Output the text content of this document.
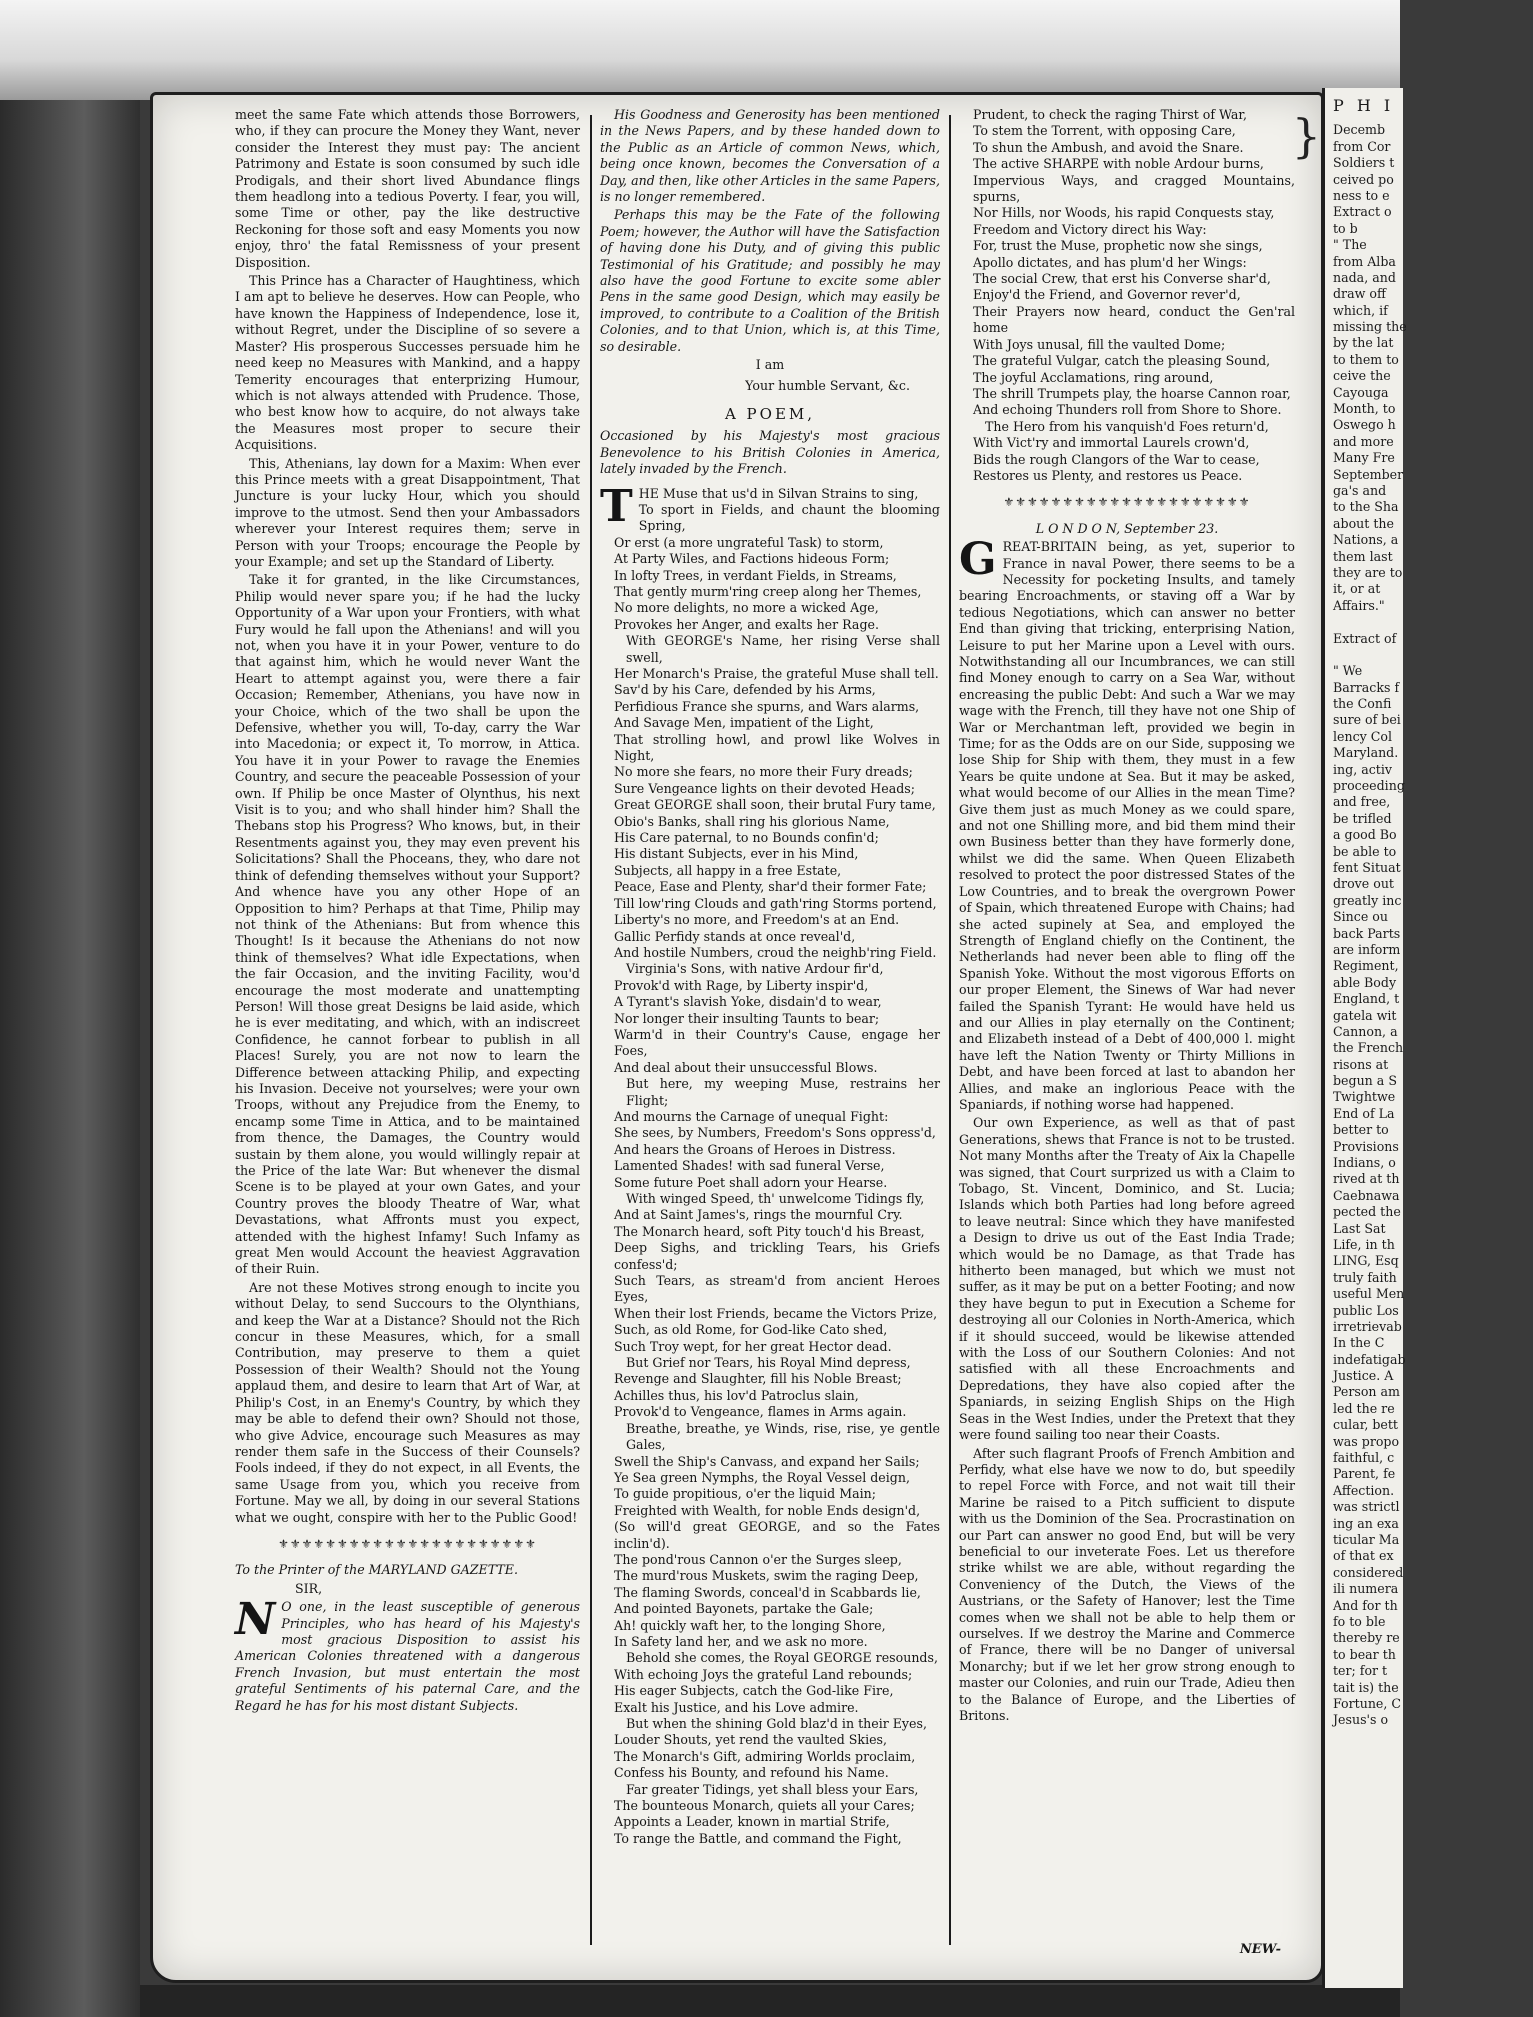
meet the same Fate which attends those Borrowers, who, if they can procure the Money they Want, never consider the Interest they must pay: The ancient Patrimony and Estate is soon consumed by such idle Prodigals, and their short lived Abundance flings them headlong into a tedious Poverty. I fear, you will, some Time or other, pay the like destructive Reckoning for those soft and easy Moments you now enjoy, thro' the fatal Remissness of your present Disposition.

This Prince has a Character of Haughtiness, which I am apt to believe he deserves. How can People, who have known the Happiness of Independence, lose it, without Regret, under the Discipline of so severe a Master? His prosperous Successes persuade him he need keep no Measures with Mankind, and a happy Temerity encourages that enterprizing Humour, which is not always attended with Prudence. Those, who best know how to acquire, do not always take the Measures most proper to secure their Acquisitions.

This, Athenians, lay down for a Maxim: When ever this Prince meets with a great Disappointment, That Juncture is your lucky Hour, which you should improve to the utmost. Send then your Ambassadors wherever your Interest requires them; serve in Person with your Troops; encourage the People by your Example; and set up the Standard of Liberty.

Take it for granted, in the like Circumstances, Philip would never spare you; if he had the lucky Opportunity of a War upon your Frontiers, with what Fury would he fall upon the Athenians! and will you not, when you have it in your Power, venture to do that against him, which he would never Want the Heart to attempt against you, were there a fair Occasion; Remember, Athenians, you have now in your Choice, which of the two shall be upon the Defensive, whether you will, To-day, carry the War into Macedonia; or expect it, To morrow, in Attica. You have it in your Power to ravage the Enemies Country, and secure the peaceable Possession of your own. If Philip be once Master of Olynthus, his next Visit is to you; and who shall hinder him? Shall the Thebans stop his Progress? Who knows, but, in their Resentments against you, they may even prevent his Solicitations? Shall the Phoceans, they, who dare not think of defending themselves without your Support? And whence have you any other Hope of an Opposition to him? Perhaps at that Time, Philip may not think of the Athenians: But from whence this Thought! Is it because the Athenians do not now think of themselves? What idle Expectations, when the fair Occasion, and the inviting Facility, wou'd encourage the most moderate and unattempting Person! Will those great Designs be laid aside, which he is ever meditating, and which, with an indiscreet Confidence, he cannot forbear to publish in all Places! Surely, you are not now to learn the Difference between attacking Philip, and expecting his Invasion. Deceive not yourselves; were your own Troops, without any Prejudice from the Enemy, to encamp some Time in Attica, and to be maintained from thence, the Damages, the Country would sustain by them alone, you would willingly repair at the Price of the late War: But whenever the dismal Scene is to be played at your own Gates, and your Country proves the bloody Theatre of War, what Devastations, what Affronts must you expect, attended with the highest Infamy! Such Infamy as great Men would Account the heaviest Aggravation of their Ruin.

Are not these Motives strong enough to incite you without Delay, to send Succours to the Olynthians, and keep the War at a Distance? Should not the Rich concur in these Measures, which, for a small Contribution, may preserve to them a quiet Possession of their Wealth? Should not the Young applaud them, and desire to learn that Art of War, at Philip's Cost, in an Enemy's Country, by which they may be able to defend their own? Should not those, who give Advice, encourage such Measures as may render them safe in the Success of their Counsels? Fools indeed, if they do not expect, in all Events, the same Usage from you, which you receive from Fortune. May we all, by doing in our several Stations what we ought, conspire with her to the Public Good!

⚜⚜⚜⚜⚜⚜⚜⚜⚜⚜⚜⚜⚜⚜⚜⚜⚜⚜⚜⚜⚜⚜

To the Printer of the MARYLAND GAZETTE.

SIR,

N O one, in the least susceptible of generous Principles, who has heard of his Majesty's most gracious Disposition to assist his American Colonies threatened with a dangerous French Invasion, but must entertain the most grateful Sentiments of his paternal Care, and the Regard he has for his most distant Subjects.

His Goodness and Generosity has been mentioned in the News Papers, and by these handed down to the Public as an Article of common News, which, being once known, becomes the Conversation of a Day, and then, like other Articles in the same Papers, is no longer remembered.

Perhaps this may be the Fate of the following Poem; however, the Author will have the Satisfaction of having done his Duty, and of giving this public Testimonial of his Gratitude; and possibly he may also have the good Fortune to excite some abler Pens in the same good Design, which may easily be improved, to contribute to a Coalition of the British Colonies, and to that Union, which is, at this Time, so desirable.

I am

Your humble Servant, &c.

A POEM,

Occasioned by his Majesty's most gracious Benevolence to his British Colonies in America, lately invaded by the French.

T HE Muse that us'd in Silvan Strains to sing,
To sport in Fields, and chaunt the blooming Spring,
Or erst (a more ungrateful Task) to storm,
At Party Wiles, and Factions hideous Form;
In lofty Trees, in verdant Fields, in Streams,
That gently murm'ring creep along her Themes,
No more delights, no more a wicked Age,
Provokes her Anger, and exalts her Rage.
With GEORGE's Name, her rising Verse shall swell,
Her Monarch's Praise, the grateful Muse shall tell.
Sav'd by his Care, defended by his Arms,
Perfidious France she spurns, and Wars alarms,
And Savage Men, impatient of the Light,
That strolling howl, and prowl like Wolves in Night,
No more she fears, no more their Fury dreads;
Sure Vengeance lights on their devoted Heads;
Great GEORGE shall soon, their brutal Fury tame,
Obio's Banks, shall ring his glorious Name,
His Care paternal, to no Bounds confin'd;
His distant Subjects, ever in his Mind,
Subjects, all happy in a free Estate,
Peace, Ease and Plenty, shar'd their former Fate;
Till low'ring Clouds and gath'ring Storms portend,
Liberty's no more, and Freedom's at an End.
Gallic Perfidy stands at once reveal'd,
And hostile Numbers, croud the neighb'ring Field.
Virginia's Sons, with native Ardour fir'd,
Provok'd with Rage, by Liberty inspir'd,
A Tyrant's slavish Yoke, disdain'd to wear,
Nor longer their insulting Taunts to bear;
Warm'd in their Country's Cause, engage her Foes,
And deal about their unsuccessful Blows.
But here, my weeping Muse, restrains her Flight;
And mourns the Carnage of unequal Fight:
She sees, by Numbers, Freedom's Sons oppress'd,
And hears the Groans of Heroes in Distress.
Lamented Shades! with sad funeral Verse,
Some future Poet shall adorn your Hearse.
With winged Speed, th' unwelcome Tidings fly,
And at Saint James's, rings the mournful Cry.
The Monarch heard, soft Pity touch'd his Breast,
Deep Sighs, and trickling Tears, his Griefs confess'd;
Such Tears, as stream'd from ancient Heroes Eyes,
When their lost Friends, became the Victors Prize,
Such, as old Rome, for God-like Cato shed,
Such Troy wept, for her great Hector dead.
But Grief nor Tears, his Royal Mind depress,
Revenge and Slaughter, fill his Noble Breast;
Achilles thus, his lov'd Patroclus slain,
Provok'd to Vengeance, flames in Arms again.
Breathe, breathe, ye Winds, rise, rise, ye gentle Gales,
Swell the Ship's Canvass, and expand her Sails;
Ye Sea green Nymphs, the Royal Vessel deign,
To guide propitious, o'er the liquid Main;
Freighted with Wealth, for noble Ends design'd,
(So will'd great GEORGE, and so the Fates inclin'd).
The pond'rous Cannon o'er the Surges sleep,
The murd'rous Muskets, swim the raging Deep,
The flaming Swords, conceal'd in Scabbards lie,
And pointed Bayonets, partake the Gale;
Ah! quickly waft her, to the longing Shore,
In Safety land her, and we ask no more.
Behold she comes, the Royal GEORGE resounds,
With echoing Joys the grateful Land rebounds;
His eager Subjects, catch the God-like Fire,
Exalt his Justice, and his Love admire.
But when the shining Gold blaz'd in their Eyes,
Louder Shouts, yet rend the vaulted Skies,
The Monarch's Gift, admiring Worlds proclaim,
Confess his Bounty, and refound his Name.
Far greater Tidings, yet shall bless your Ears,
The bounteous Monarch, quiets all your Cares;
Appoints a Leader, known in martial Strife,
To range the Battle, and command the Fight,
Prudent, to check the raging Thirst of War,
To stem the Torrent, with opposing Care,
To shun the Ambush, and avoid the Snare.
The active SHARPE with noble Ardour burns,
Impervious Ways, and cragged Mountains, spurns,
Nor Hills, nor Woods, his rapid Conquests stay,
Freedom and Victory direct his Way:
For, trust the Muse, prophetic now she sings,
Apollo dictates, and has plum'd her Wings:
The social Crew, that erst his Converse shar'd,
Enjoy'd the Friend, and Governor rever'd,
Their Prayers now heard, conduct the Gen'ral home
With Joys unusal, fill the vaulted Dome;
The grateful Vulgar, catch the pleasing Sound,
The joyful Acclamations, ring around,
The shrill Trumpets play, the hoarse Cannon roar,
And echoing Thunders roll from Shore to Shore.
The Hero from his vanquish'd Foes return'd,
With Vict'ry and immortal Laurels crown'd,
Bids the rough Clangors of the War to cease,
Restores us Plenty, and restores us Peace.
}
⚜⚜⚜⚜⚜⚜⚜⚜⚜⚜⚜⚜⚜⚜⚜⚜⚜⚜⚜⚜⚜

L O N D O N, September 23.

GREAT-BRITAIN being, as yet, superior to France in naval Power, there seems to be a Necessity for pocketing Insults, and tamely bearing Encroachments, or staving off a War by tedious Negotiations, which can answer no better End than giving that tricking, enterprising Nation, Leisure to put her Marine upon a Level with ours. Notwithstanding all our Incumbrances, we can still find Money enough to carry on a Sea War, without encreasing the public Debt: And such a War we may wage with the French, till they have not one Ship of War or Merchantman left, provided we begin in Time; for as the Odds are on our Side, supposing we lose Ship for Ship with them, they must in a few Years be quite undone at Sea. But it may be asked, what would become of our Allies in the mean Time? Give them just as much Money as we could spare, and not one Shilling more, and bid them mind their own Business better than they have formerly done, whilst we did the same. When Queen Elizabeth resolved to protect the poor distressed States of the Low Countries, and to break the overgrown Power of Spain, which threatened Europe with Chains; had she acted supinely at Sea, and employed the Strength of England chiefly on the Continent, the Netherlands had never been able to fling off the Spanish Yoke. Without the most vigorous Efforts on our proper Element, the Sinews of War had never failed the Spanish Tyrant: He would have held us and our Allies in play eternally on the Continent; and Elizabeth instead of a Debt of 400,000 l. might have left the Nation Twenty or Thirty Millions in Debt, and have been forced at last to abandon her Allies, and make an inglorious Peace with the Spaniards, if nothing worse had happened.

Our own Experience, as well as that of past Generations, shews that France is not to be trusted. Not many Months after the Treaty of Aix la Chapelle was signed, that Court surprized us with a Claim to Tobago, St. Vincent, Dominico, and St. Lucia; Islands which both Parties had long before agreed to leave neutral: Since which they have manifested a Design to drive us out of the East India Trade; which would be no Damage, as that Trade has hitherto been managed, but which we must not suffer, as it may be put on a better Footing; and now they have begun to put in Execution a Scheme for destroying all our Colonies in North-America, which if it should succeed, would be likewise attended with the Loss of our Southern Colonies: And not satisfied with all these Encroachments and Depredations, they have also copied after the Spaniards, in seizing English Ships on the High Seas in the West Indies, under the Pretext that they were found sailing too near their Coasts.

After such flagrant Proofs of French Ambition and Perfidy, what else have we now to do, but speedily to repel Force with Force, and not wait till their Marine be raised to a Pitch sufficient to dispute with us the Dominion of the Sea. Procrastination on our Part can answer no good End, but will be very beneficial to our inveterate Foes. Let us therefore strike whilst we are able, without regarding the Conveniency of the Dutch, the Views of the Austrians, or the Safety of Hanover; lest the Time comes when we shall not be able to help them or ourselves. If we destroy the Marine and Commerce of France, there will be no Danger of universal Monarchy; but if we let her grow strong enough to master our Colonies, and ruin our Trade, Adieu then to the Balance of Europe, and the Liberties of Britons.

NEW-
P H I
Decemb
from Cor
Soldiers t
ceived po
ness to e
Extract o
to b
" The
from Alba
nada, and
draw off
which, if
missing the
by the lat
to them to
ceive the
Cayouga
Month, to
Oswego h
and more
Many Fre
September
ga's and
to the Sha
about the
Nations, a
them last
they are to
it, or at
Affairs."
Extract of
" We
Barracks f
the Confi
sure of bei
lency Col
Maryland.
ing, activ
proceeding
and free,
be trifled
a good Bo
be able to
fent Situat
drove out
greatly inc
Since ou
back Parts
are inform
Regiment,
able Body
England, t
gatela wit
Cannon, a
the French
risons at
begun a S
Twightwe
End of La
better to
Provisions
Indians, o
rived at th
Caebnawa
pected the
Last Sat
Life, in th
LING, Esq
truly faith
useful Men
public Los
irretrievab
In the C
indefatigab
Justice. A
Person am
led the re
cular, bett
was propo
faithful, c
Parent, fe
Affection.
was strictl
ing an exa
ticular Ma
of that ex
considered
ili numera
And for th
fo to ble
thereby re
to bear th
ter; for t
tait is) the
Fortune, C
Jesus's o
